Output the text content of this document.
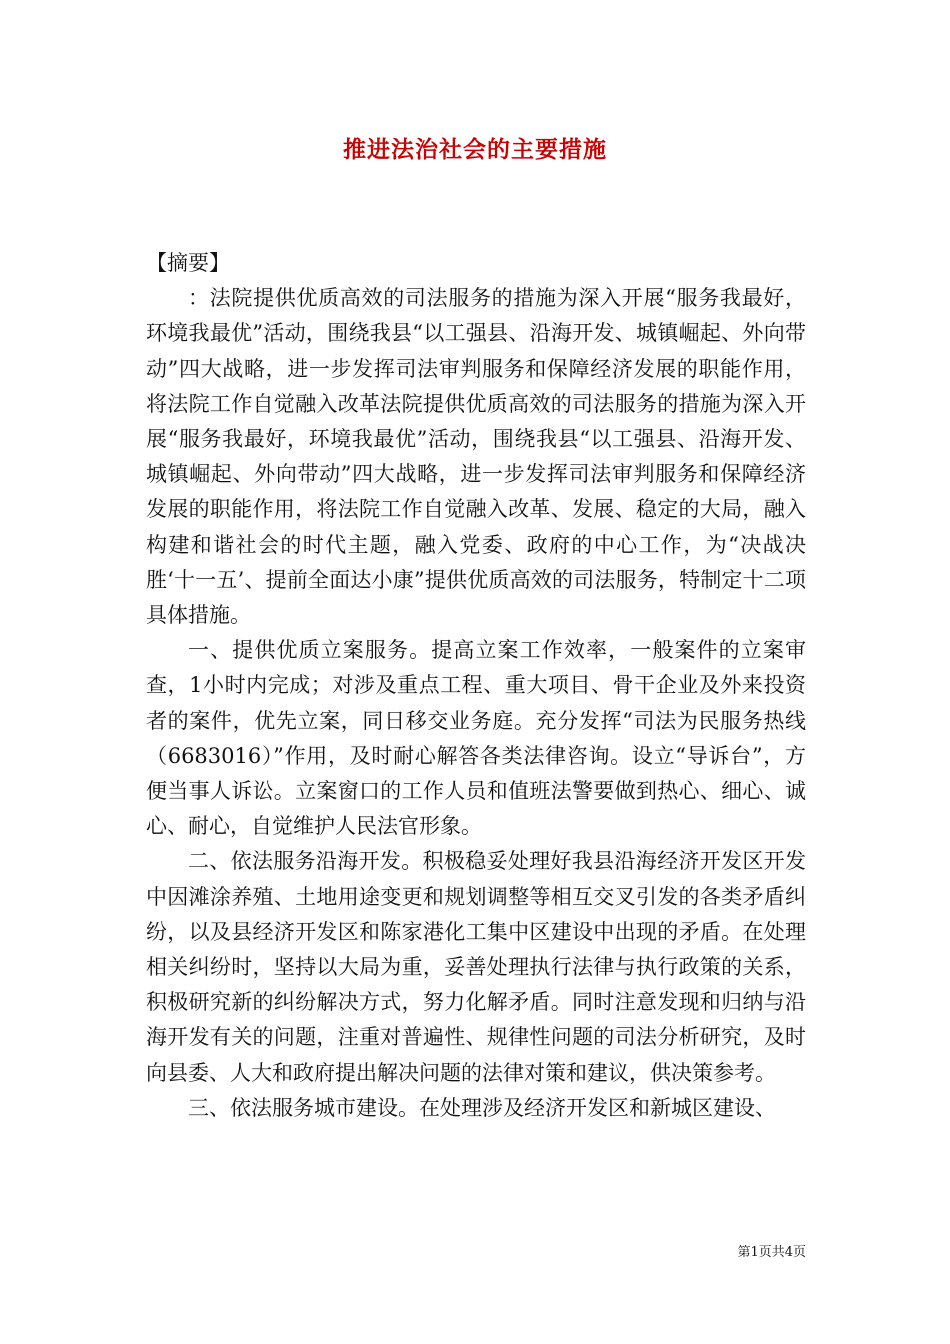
推进法治社会的主要措施

【摘要】

：法院提供优质高效的司法服务的措施为深入开展“服务我最好，环境我最优”活动，围绕我县“以工强县、沿海开发、城镇崛起、外向带动”四大战略，进一步发挥司法审判服务和保障经济发展的职能作用，将法院工作自觉融入改革法院提供优质高效的司法服务的措施为深入开展“服务我最好，环境我最优”活动，围绕我县“以工强县、沿海开发、城镇崛起、外向带动”四大战略，进一步发挥司法审判服务和保障经济发展的职能作用，将法院工作自觉融入改革、发展、稳定的大局，融入构建和谐社会的时代主题，融入党委、政府的中心工作，为“决战决胜‘十一五’、提前全面达小康”提供优质高效的司法服务，特制定十二项具体措施。

一、提供优质立案服务。提高立案工作效率，一般案件的立案审查，1小时内完成；对涉及重点工程、重大项目、骨干企业及外来投资者的案件，优先立案，同日移交业务庭。充分发挥“司法为民服务热线（6683016）”作用，及时耐心解答各类法律咨询。设立“导诉台”，方便当事人诉讼。立案窗口的工作人员和值班法警要做到热心、细心、诚心、耐心，自觉维护人民法官形象。

二、依法服务沿海开发。积极稳妥处理好我县沿海经济开发区开发中因滩涂养殖、土地用途变更和规划调整等相互交叉引发的各类矛盾纠纷，以及县经济开发区和陈家港化工集中区建设中出现的矛盾。在处理相关纠纷时，坚持以大局为重，妥善处理执行法律与执行政策的关系，积极研究新的纠纷解决方式，努力化解矛盾。同时注意发现和归纳与沿海开发有关的问题，注重对普遍性、规律性问题的司法分析研究，及时向县委、人大和政府提出解决问题的法律对策和建议，供决策参考。

三、依法服务城市建设。在处理涉及经济开发区和新城区建设、

第1页共4页
